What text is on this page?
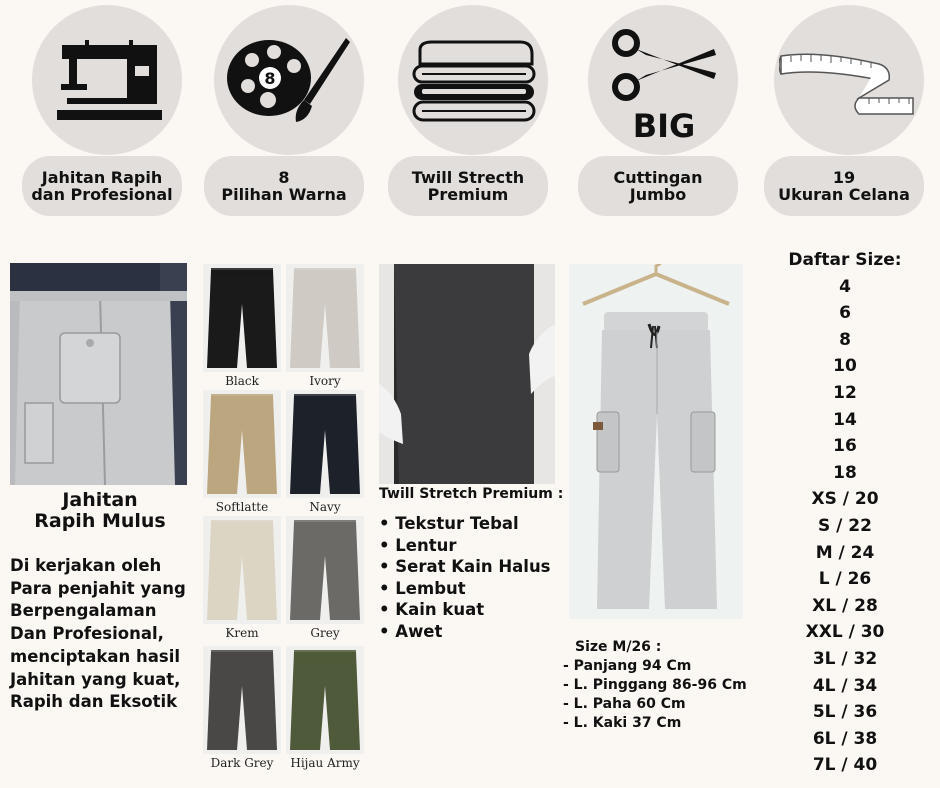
Jahitan Rapih
dan Profesional
8
8
Pilihan Warna
Twill Strecth
Premium
BIG
Cuttingan
Jumbo
19
Ukuran Celana
Jahitan
Rapih Mulus
Di kerjakan oleh
Para penjahit yang
Berpengalaman
Dan Profesional,
menciptakan hasil
Jahitan yang kuat,
Rapih dan Eksotik
Black	Ivory
Softlatte	Navy
Krem	Grey
Dark Grey	Hijau Army
Twill Stretch Premium :
• Tekstur Tebal
• Lentur
• Serat Kain Halus
• Lembut
• Kain kuat
• Awet
Size M/26 :
- Panjang 94 Cm
- L. Pinggang 86-96 Cm
- L. Paha 60 Cm
- L. Kaki 37 Cm
Daftar Size:
4
6
8
10
12
14
16
18
XS / 20
S / 22
M / 24
L / 26
XL / 28
XXL / 30
3L / 32
4L / 34
5L / 36
6L / 38
7L / 40
